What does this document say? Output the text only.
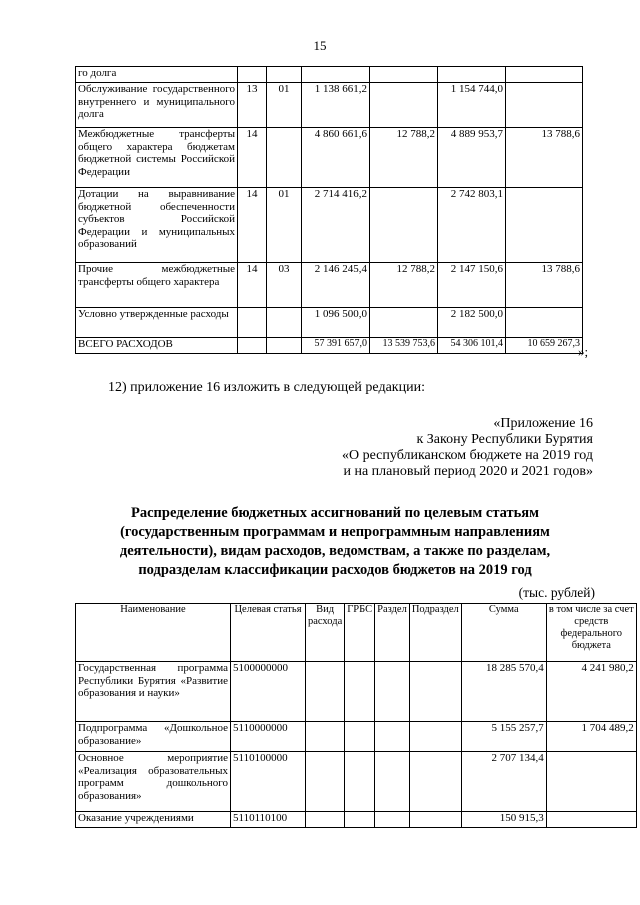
15
го долга						
Обслуживание государственного внутреннего и муниципального долга	13	01	1 138 661,2		1 154 744,0	
Межбюджетные трансферты общего характера бюджетам бюджетной системы Российской Федерации	14		4 860 661,6	12 788,2	4 889 953,7	13 788,6
Дотации на выравнивание бюджетной обеспеченности субъектов Российской Федерации и муниципальных образований	14	01	2 714 416,2		2 742 803,1	
Прочие межбюджетные трансферты общего характера	14	03	2 146 245,4	12 788,2	2 147 150,6	13 788,6
Условно утвержденные расходы			1 096 500,0		2 182 500,0	
ВСЕГО РАСХОДОВ			57 391 657,0	13 539 753,6	54 306 101,4	10 659 267,3
»;
12) приложение 16 изложить в следующей редакции:
«Приложение 16
к Закону Республики Бурятия
«О республиканском бюджете на 2019 год
и на плановый период 2020 и 2021 годов»
Распределение бюджетных ассигнований по целевым статьям
(государственным программам и непрограммным направлениям
деятельности), видам расходов, ведомствам, а также по разделам,
подразделам классификации расходов бюджетов на 2019 год
(тыс. рублей)
Наименование	Целевая статья	Вид расхода	ГРБС	Раздел	Подраздел	Сумма	в том числе за счет средств федерального бюджета
Государственная программа Республики Бурятия «Развитие образования и науки»	5100000000					18 285 570,4	4 241 980,2
Подпрограмма «Дошкольное образование»	5110000000					5 155 257,7	1 704 489,2
Основное мероприятие «Реализация образовательных программ дошкольного образования»	5110100000					2 707 134,4	
Оказание учреждениями	5110110100					150 915,3	
